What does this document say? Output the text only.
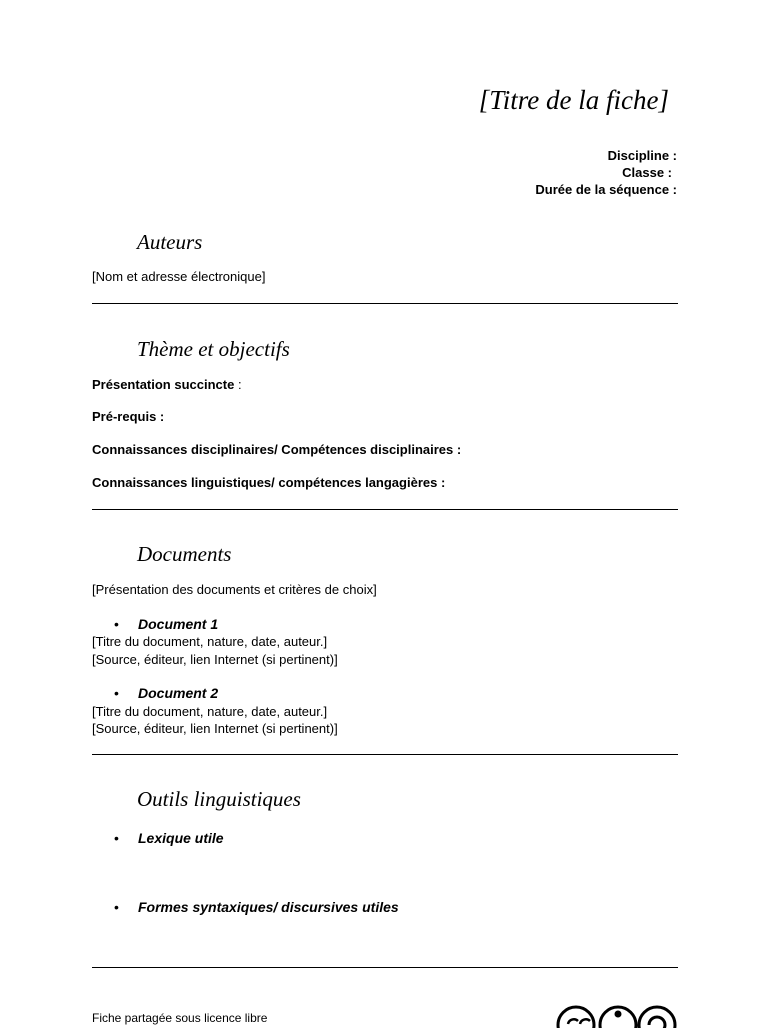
[Titre de la fiche]
Discipline :
Classe :
Durée de la séquence :
Auteurs
[Nom et adresse électronique]
Thème et objectifs
Présentation succincte :
Pré-requis :
Connaissances disciplinaires/ Compétences disciplinaires :
Connaissances linguistiques/ compétences langagières :
Documents
[Présentation des documents et critères de choix]
• Document 1
[Titre du document, nature, date, auteur.]
[Source, éditeur, lien Internet (si pertinent)]
• Document 2
[Titre du document, nature, date, auteur.]
[Source, éditeur, lien Internet (si pertinent)]
Outils linguistiques
• Lexique utile
• Formes syntaxiques/ discursives utiles
Fiche partagée sous licence libre
